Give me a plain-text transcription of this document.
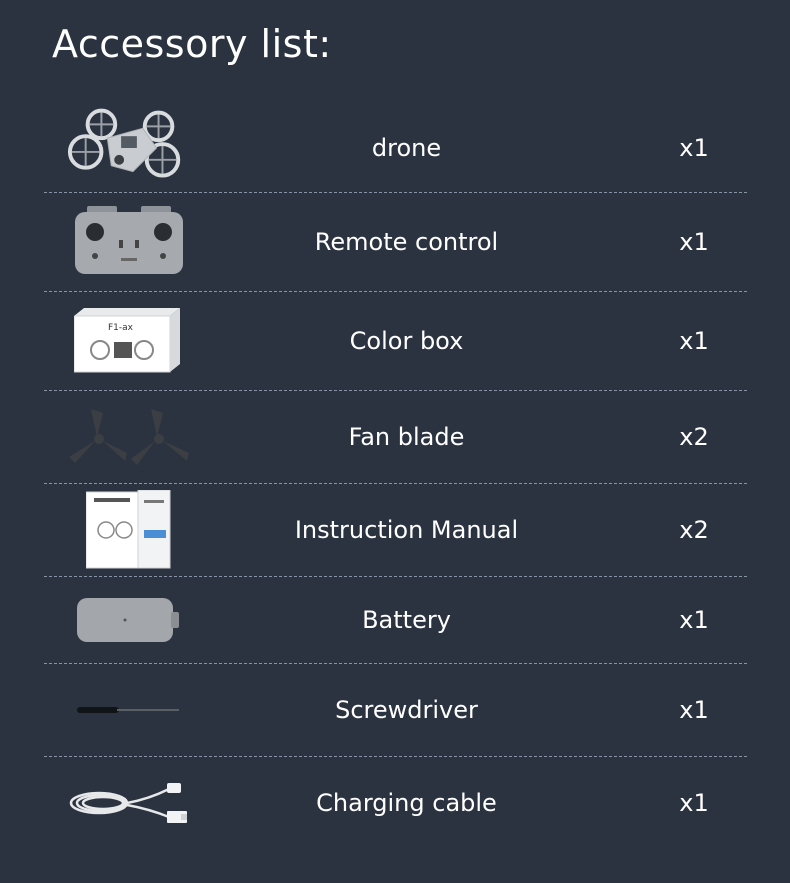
Accessory list:
drone	x1
Remote control	x1
F1-ax	Color box	x1
Fan blade	x2
Instruction Manual	x2
Battery	x1
Screwdriver	x1
Charging cable	x1
